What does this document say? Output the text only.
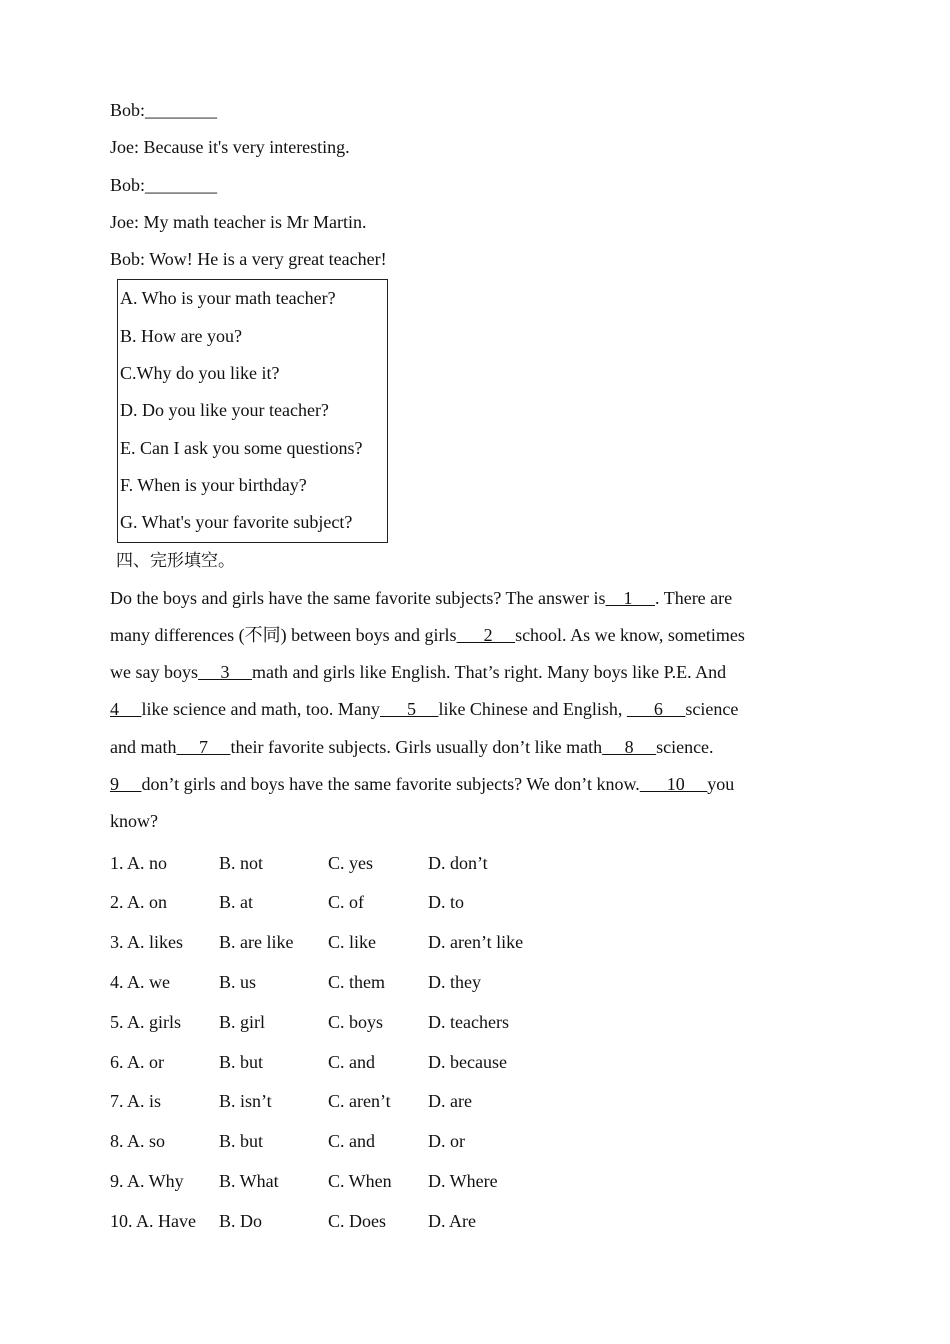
Bob:________
Joe: Because it's very interesting.
Bob:________
Joe: My math teacher is Mr Martin.
Bob: Wow! He is a very great teacher!
A. Who is your math teacher?
B. How are you?
C.Why do you like it?
D. Do you like your teacher?
E. Can I ask you some questions?
F. When is your birthday?
G. What's your favorite subject?
四、完形填空。
Do the boys and girls have the same favorite subjects? The answer is    1     . There are
many differences (不同) between boys and girls      2     school. As we know, sometimes
we say boys     3     math and girls like English. That’s right. Many boys like P.E. And
4     like science and math, too. Many      5     like Chinese and English,       6     science
and math     7     their favorite subjects. Girls usually don’t like math     8     science.
9     don’t girls and boys have the same favorite subjects? We don’t know.      10     you
know?
1. A. no	B. not	C. yes	D. don’t
2. A. on	B. at	C. of	D. to
3. A. likes	B. are like	C. like	D. aren’t like
4. A. we	B. us	C. them	D. they
5. A. girls	B. girl	C. boys	D. teachers
6. A. or	B. but	C. and	D. because
7. A. is	B. isn’t	C. aren’t	D. are
8. A. so	B. but	C. and	D. or
9. A. Why	B. What	C. When	D. Where
10. A. Have	B. Do	C. Does	D. Are
